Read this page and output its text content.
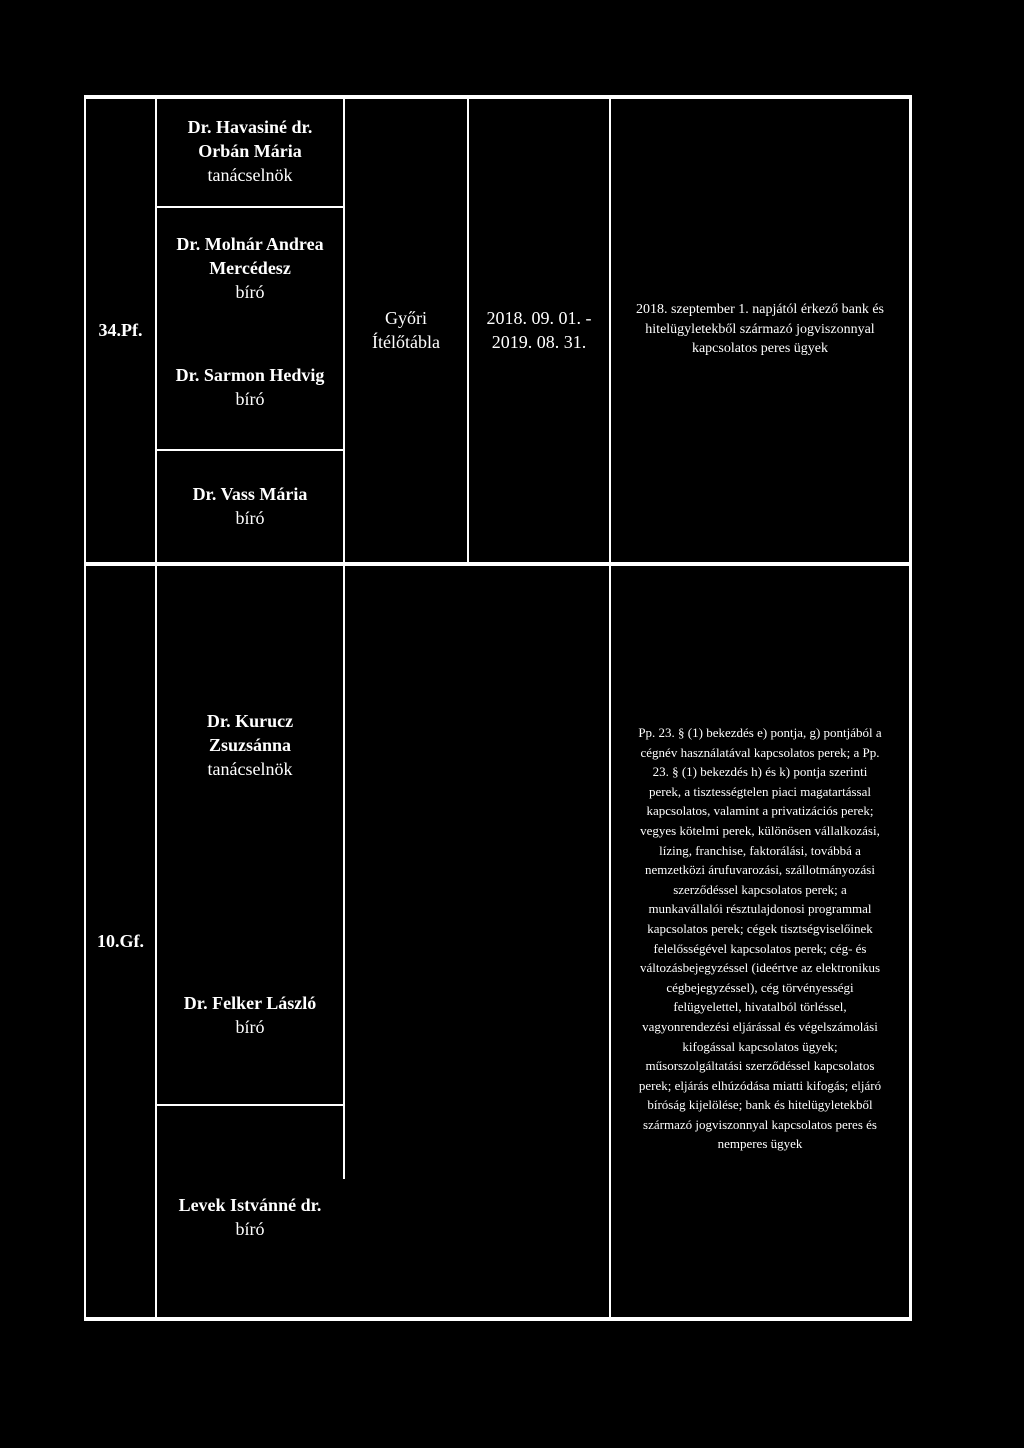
34.Pf.
Dr. Havasiné dr.
Orbán Mária
tanácselnök
Dr. Molnár Andrea
Mercédesz
bíró
Dr. Sarmon Hedvig
bíró
Dr. Vass Mária
bíró
Győri
Ítélőtábla
2018. 09. 01. -
2019. 08. 31.
2018. szeptember 1. napjától érkező bank és
hitelügyletekből származó jogviszonnyal
kapcsolatos peres ügyek
10.Gf.
Dr. Kurucz
Zsuzsánna
tanácselnök
Dr. Felker László
bíró
Levek Istvánné dr.
bíró
Pp. 23. § (1) bekezdés e) pontja, g) pontjából a
cégnév használatával kapcsolatos perek; a Pp.
23. § (1) bekezdés h) és k) pontja szerinti
perek, a tisztességtelen piaci magatartással
kapcsolatos, valamint a privatizációs perek;
vegyes kötelmi perek, különösen vállalkozási,
lízing, franchise, faktorálási, továbbá a
nemzetközi árufuvarozási, szállotmányozási
szerződéssel kapcsolatos perek; a
munkavállalói résztulajdonosi programmal
kapcsolatos perek; cégek tisztségviselőinek
felelősségével kapcsolatos perek; cég- és
változásbejegyzéssel (ideértve az elektronikus
cégbejegyzéssel), cég törvényességi
felügyelettel, hivatalból törléssel,
vagyonrendezési eljárással és végelszámolási
kifogással kapcsolatos ügyek;
műsorszolgáltatási szerződéssel kapcsolatos
perek; eljárás elhúzódása miatti kifogás; eljáró
bíróság kijelölése; bank és hitelügyletekből
származó jogviszonnyal kapcsolatos peres és
nemperes ügyek
